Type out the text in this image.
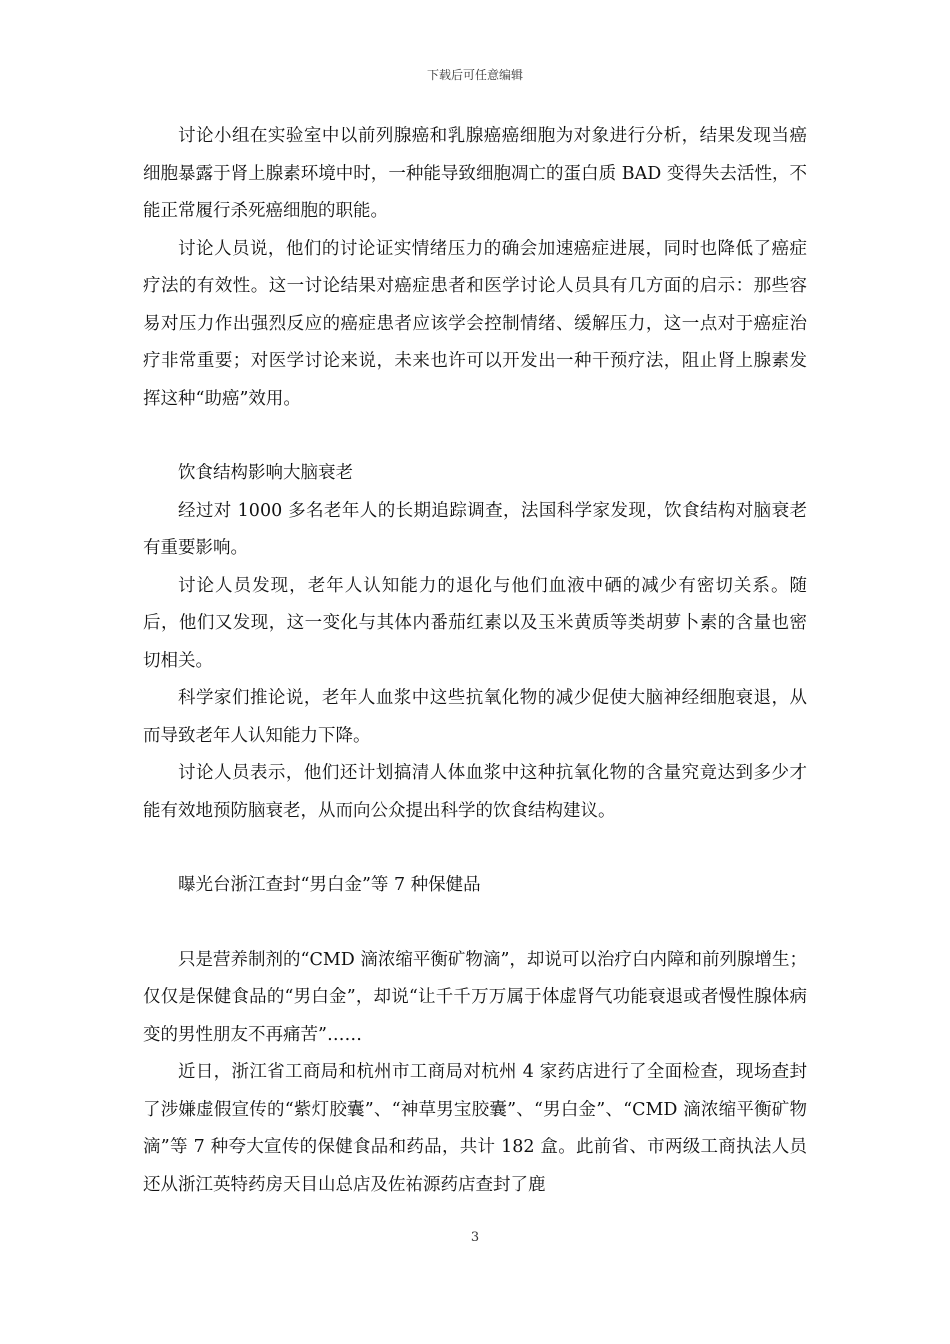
下载后可任意编辑

讨论小组在实验室中以前列腺癌和乳腺癌癌细胞为对象进行分析，结果发现当癌细胞暴露于肾上腺素环境中时，一种能导致细胞凋亡的蛋白质 BAD 变得失去活性，不能正常履行杀死癌细胞的职能。

讨论人员说，他们的讨论证实情绪压力的确会加速癌症进展，同时也降低了癌症疗法的有效性。这一讨论结果对癌症患者和医学讨论人员具有几方面的启示：那些容易对压力作出强烈反应的癌症患者应该学会控制情绪、缓解压力，这一点对于癌症治疗非常重要；对医学讨论来说，未来也许可以开发出一种干预疗法，阻止肾上腺素发挥这种“助癌”效用。

饮食结构影响大脑衰老

经过对 1000 多名老年人的长期追踪调查，法国科学家发现，饮食结构对脑衰老有重要影响。

讨论人员发现，老年人认知能力的退化与他们血液中硒的减少有密切关系。随后，他们又发现，这一变化与其体内番茄红素以及玉米黄质等类胡萝卜素的含量也密切相关。

科学家们推论说，老年人血浆中这些抗氧化物的减少促使大脑神经细胞衰退，从而导致老年人认知能力下降。

讨论人员表示，他们还计划搞清人体血浆中这种抗氧化物的含量究竟达到多少才能有效地预防脑衰老，从而向公众提出科学的饮食结构建议。

曝光台浙江查封“男白金”等 7 种保健品

只是营养制剂的“CMD 滴浓缩平衡矿物滴”，却说可以治疗白内障和前列腺增生；仅仅是保健食品的“男白金”，却说“让千千万万属于体虚肾气功能衰退或者慢性腺体病变的男性朋友不再痛苦”……

近日，浙江省工商局和杭州市工商局对杭州 4 家药店进行了全面检查，现场查封了涉嫌虚假宣传的“紫灯胶囊”、“神草男宝胶囊”、“男白金”、“CMD 滴浓缩平衡矿物滴”等 7 种夸大宣传的保健食品和药品，共计 182 盒。此前省、市两级工商执法人员还从浙江英特药房天目山总店及佐祐源药店查封了鹿

3
